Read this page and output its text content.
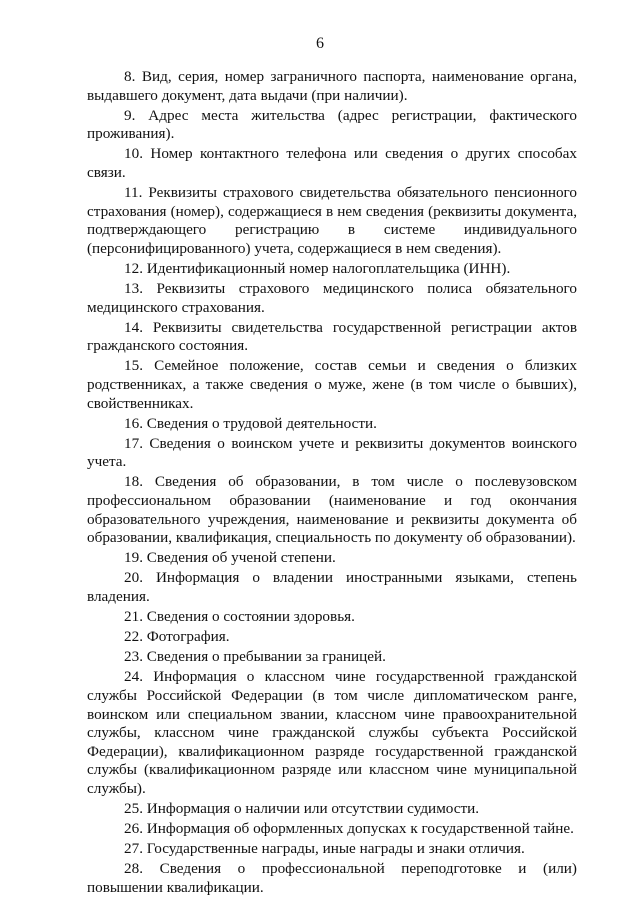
6

8. Вид, серия, номер заграничного паспорта, наименование органа, выдавшего документ, дата выдачи (при наличии).

9. Адрес места жительства (адрес регистрации, фактического проживания).

10. Номер контактного телефона или сведения о других способах связи.

11. Реквизиты страхового свидетельства обязательного пенсионного страхования (номер), содержащиеся в нем сведения (реквизиты документа, подтверждающего регистрацию в системе индивидуального (персонифицированного) учета, содержащиеся в нем сведения).

12. Идентификационный номер налогоплательщика (ИНН).

13. Реквизиты страхового медицинского полиса обязательного медицинского страхования.

14. Реквизиты свидетельства государственной регистрации актов гражданского состояния.

15. Семейное положение, состав семьи и сведения о близких родственниках, а также сведения о муже, жене (в том числе о бывших), свойственниках.

16. Сведения о трудовой деятельности.

17. Сведения о воинском учете и реквизиты документов воинского учета.

18. Сведения об образовании, в том числе о послевузовском профессиональном образовании (наименование и год окончания образовательного учреждения, наименование и реквизиты документа об образовании, квалификация, специальность по документу об образовании).

19. Сведения об ученой степени.

20. Информация о владении иностранными языками, степень владения.

21. Сведения о состоянии здоровья.

22. Фотография.

23. Сведения о пребывании за границей.

24. Информация о классном чине государственной гражданской службы Российской Федерации (в том числе дипломатическом ранге, воинском или специальном звании, классном чине правоохранительной службы, классном чине гражданской службы субъекта Российской Федерации), квалификационном разряде государственной гражданской службы (квалификационном разряде или классном чине муниципальной службы).

25. Информация о наличии или отсутствии судимости.

26. Информация об оформленных допусках к государственной тайне.

27. Государственные награды, иные награды и знаки отличия.

28. Сведения о профессиональной переподготовке и (или) повышении квалификации.
